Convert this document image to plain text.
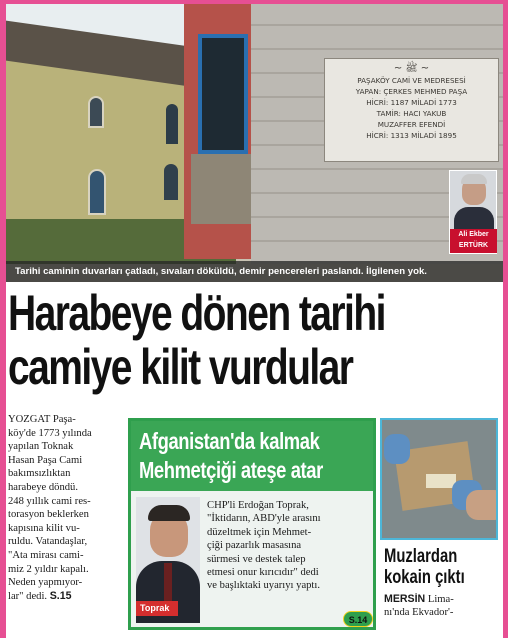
~ ﷺ ~
PAŞAKÖY CAMİ VE MEDRESESİ
YAPAN: ÇERKES MEHMED PAŞA
HİCRİ: 1187 MİLADİ 1773
TAMİR: HACI YAKUB
MUZAFFER EFENDİ
HİCRİ: 1313 MİLADİ 1895
Ali Ekber
ERTÜRK
Tarihi caminin duvarları çatladı, sıvaları döküldü, demir pencereleri paslandı. İlgilenen yok.
Harabeye dönen tarihi
camiye kilit vurdular
YOZGAT Paşa-
köy'de 1773 yılında
yapılan Toknak
Hasan Paşa Cami
bakımsızlıktan
harabeye döndü.
248 yıllık cami res-
torasyon beklerken
kapısına kilit vu-
ruldu. Vatandaşlar,
"Ata mirası cami-
miz 2 yıldır kapalı.
Neden yapmıyor-
lar" dedi. S.15
Afganistan'da kalmak
Mehmetçiği ateşe atar
Toprak
CHP'li Erdoğan Toprak,
"İktidarın, ABD'yle arasını
düzeltmek için Mehmet-
çiği pazarlık masasına
sürmesi ve destek talep
etmesi onur kırıcıdır" dedi
ve başlıktaki uyarıyı yaptı.
S.14
Muzlardan
kokain çıktı
MERSİN Lima-
nı'nda Ekvador'-
